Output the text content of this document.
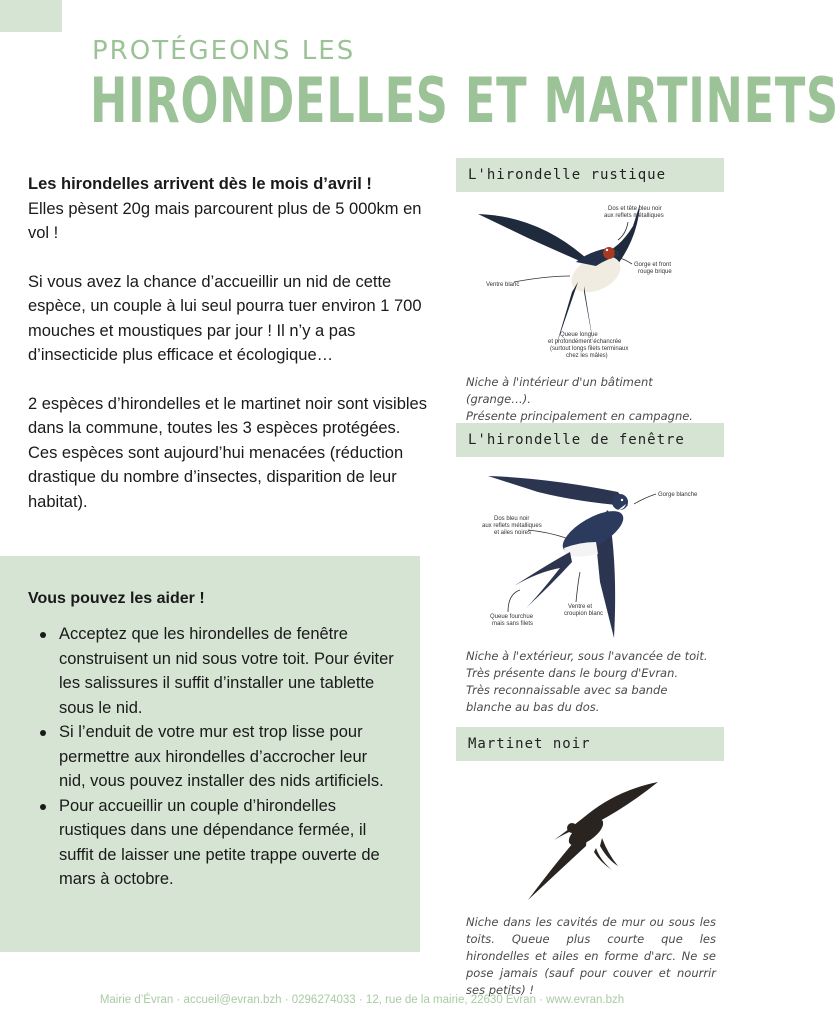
PROTÉGEONS LES
HIRONDELLES ET MARTINETS

Les hirondelles arrivent dès le mois d’avril !
Elles pèsent 20g mais parcourent plus de 5 000km en vol !

Si vous avez la chance d’accueillir un nid de cette espèce, un couple à lui seul pourra tuer environ 1 700 mouches et moustiques par jour ! Il n’y a pas d’insecticide plus efficace et écologique…

2 espèces d’hirondelles et le martinet noir sont visibles dans la commune, toutes les 3 espèces protégées. Ces espèces sont aujourd’hui menacées (réduction drastique du nombre d’insectes, disparition de leur habitat).

Vous pouvez les aider !
Acceptez que les hirondelles de fenêtre construisent un nid sous votre toit. Pour éviter les salissures il suffit d’installer une tablette sous le nid.
Si l’enduit de votre mur est trop lisse pour permettre aux hirondelles d’accrocher leur nid, vous pouvez installer des nids artificiels.
Pour accueillir un couple d’hirondelles rustiques dans une dépendance fermée, il suffit de laisser une petite trappe ouverte de mars à octobre.
L'hirondelle rustique
Dos et tête bleu noir
aux reflets métalliques
Gorge et front
rouge brique
Ventre blanc
Queue longue
et profondément échancrée
(surtout longs filets terminaux
chez les mâles)
Niche à l'intérieur d'un bâtiment (grange…).
Présente principalement en campagne.
L'hirondelle de fenêtre
Gorge blanche
Dos bleu noir
aux reflets métalliques
et ailes noires
Ventre et
croupion blanc
Queue fourchue
mais sans filets
Niche à l'extérieur, sous l'avancée de toit.
Très présente dans le bourg d'Evran.
Très reconnaissable avec sa bande blanche au bas du dos.
Martinet noir
Niche dans les cavités de mur ou sous les toits. Queue plus courte que les hirondelles et ailes en forme d'arc. Ne se pose jamais (sauf pour couver et nourrir ses petits) !
Mairie d’Évran · accueil@evran.bzh · 0296274033 · 12, rue de la mairie, 22630 Evran · www.evran.bzh
